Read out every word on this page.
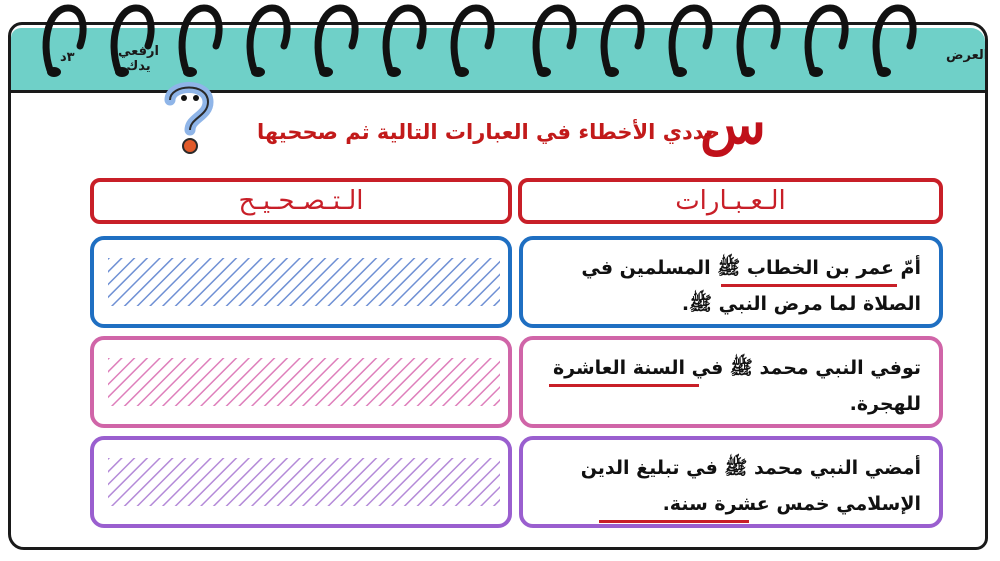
العرض
ارفعي
يدك
٣د
س
حددي الأخطاء في العبارات التالية ثم صححيها
الـعـبـارات
الـتـصـحـيـح
أمّ عمر بن الخطاب ﷺ المسلمين في
الصلاة لما مرض النبي ﷺ.
توفي النبي محمد ﷺ في السنة العاشرة
للهجرة.
أمضي النبي محمد ﷺ في تبليغ الدين
الإسلامي خمس عشرة سنة.
